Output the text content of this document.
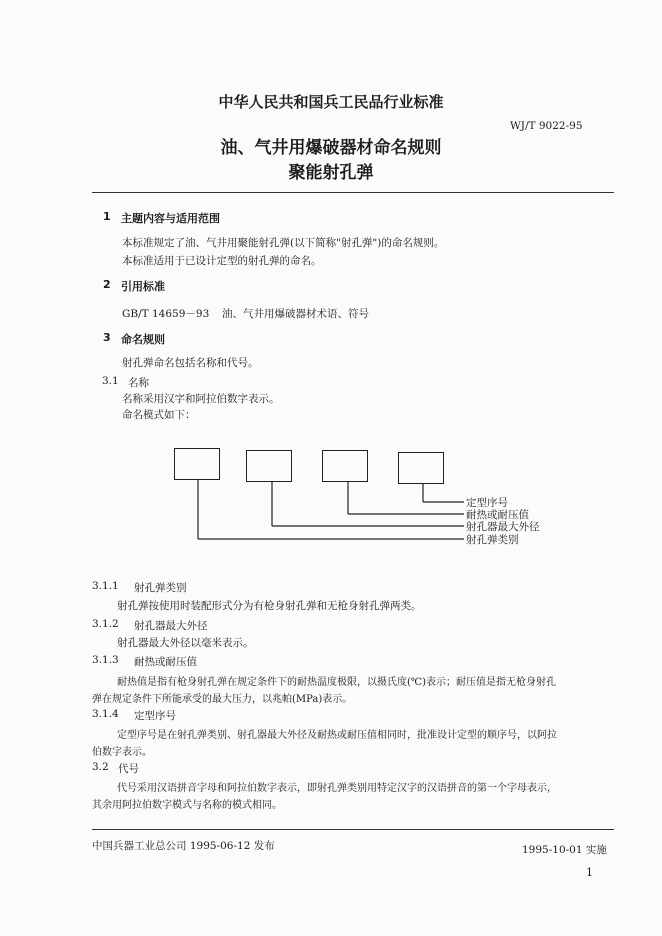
中华人民共和国兵工民品行业标准
WJ/T 9022-95
油、气井用爆破器材命名规则
聚能射孔弹
1 主题内容与适用范围
本标准规定了油、气井用聚能射孔弹(以下简称"射孔弹")的命名规则。
本标准适用于已设计定型的射孔弹的命名。
2 引用标准
GB/T 14659－93 油、气井用爆破器材术语、符号
3 命名规则
射孔弹命名包括名称和代号。
3.1 名称
名称采用汉字和阿拉伯数字表示。
命名模式如下：
定型序号
耐热或耐压值
射孔器最大外径
射孔弹类别
3.1.1 射孔弹类别
射孔弹按使用时装配形式分为有枪身射孔弹和无枪身射孔弹两类。
3.1.2 射孔器最大外径
射孔器最大外径以毫米表示。
3.1.3 耐热或耐压值
耐热值是指有枪身射孔弹在规定条件下的耐热温度极限，以摄氏度(℃)表示；耐压值是指无枪身射孔
弹在规定条件下所能承受的最大压力，以兆帕(MPa)表示。
3.1.4 定型序号
定型序号是在射孔弹类别、射孔器最大外径及耐热或耐压值相同时，批准设计定型的顺序号，以阿拉
伯数字表示。
3.2 代号
代号采用汉语拼音字母和阿拉伯数字表示，即射孔弹类别用特定汉字的汉语拼音的第一个字母表示，
其余用阿拉伯数字模式与名称的模式相同。
中国兵器工业总公司 1995-06-12 发布	1995-10-01 实施
1
